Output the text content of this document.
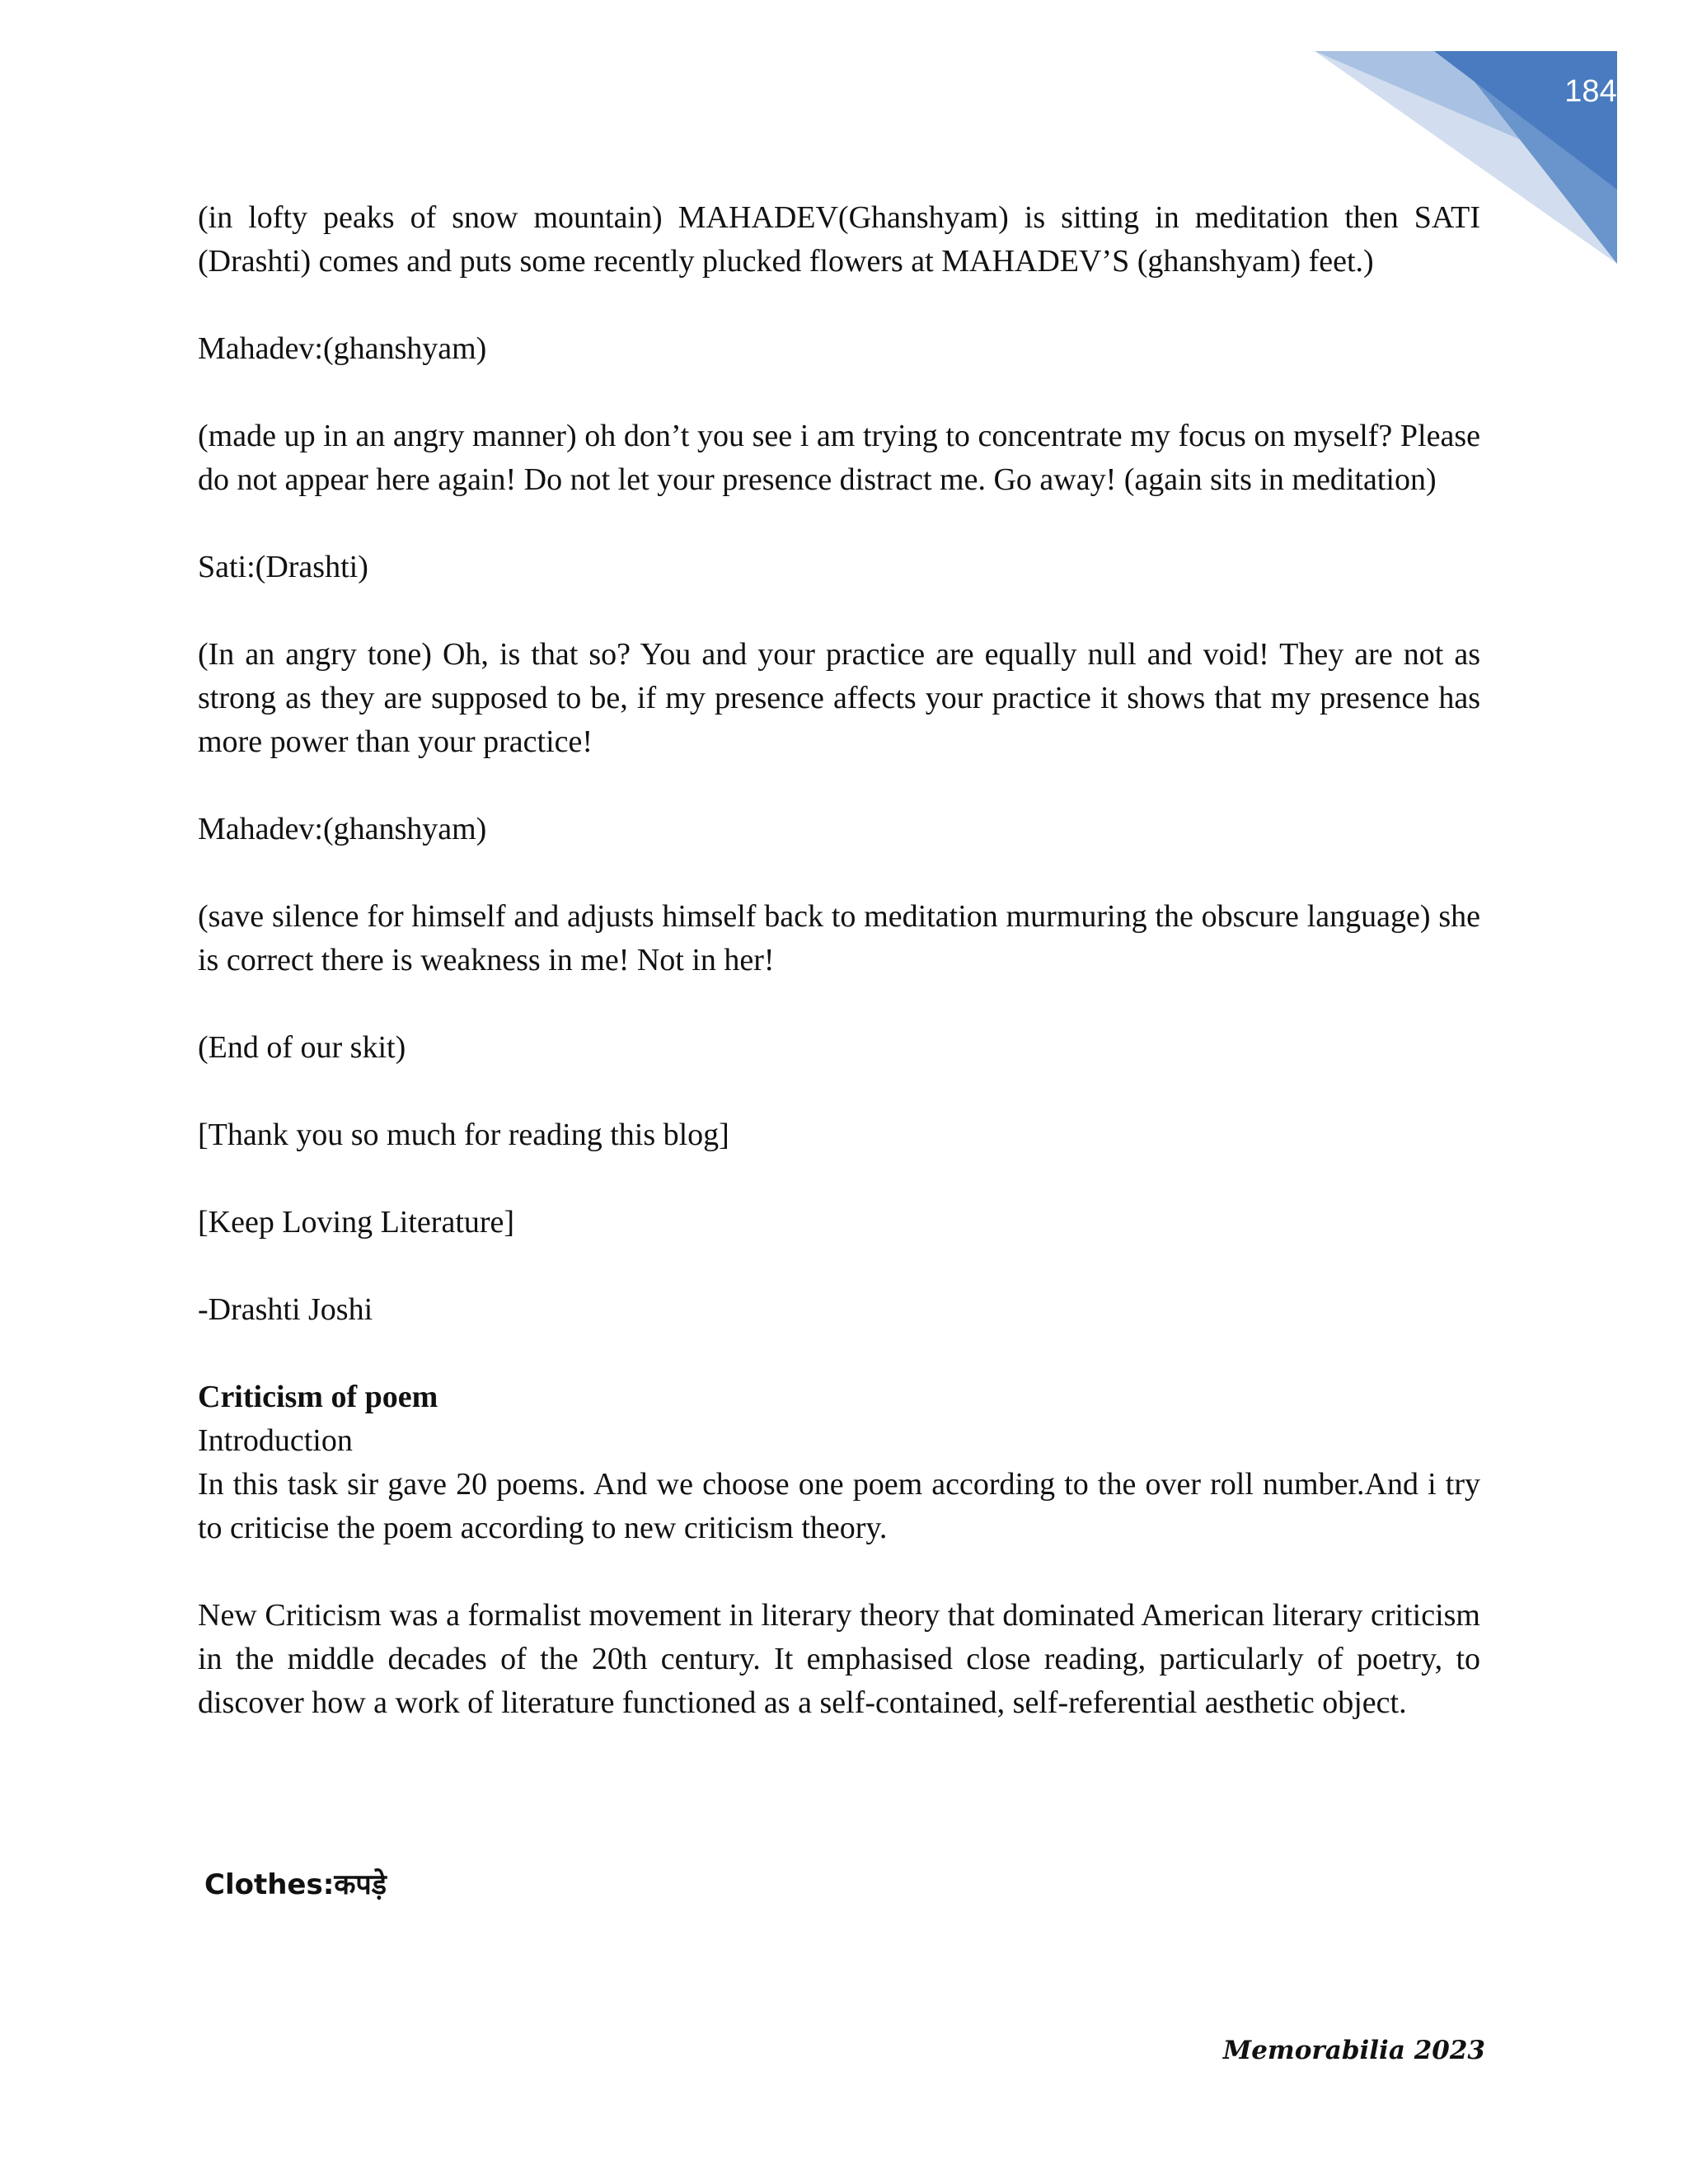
184

(in lofty peaks of snow mountain) MAHADEV(Ghanshyam) is sitting in meditation then SATI (Drashti) comes and puts some recently plucked flowers at MAHADEV’S (ghanshyam) feet.)

Mahadev:(ghanshyam)

(made up in an angry manner) oh don’t you see i am trying to concentrate my focus on myself? Please do not appear here again! Do not let your presence distract me. Go away! (again sits in meditation)

Sati:(Drashti)

(In an angry tone) Oh, is that so? You and your practice are equally null and void! They are not as strong as they are supposed to be, if my presence affects your practice it shows that my presence has more power than your practice!

Mahadev:(ghanshyam)

(save silence for himself and adjusts himself back to meditation murmuring the obscure language) she is correct there is weakness in me! Not in her!

(End of our skit)

[Thank you so much for reading this blog]

[Keep Loving Literature]

-Drashti Joshi

Criticism of poem

Introduction

In this task sir gave 20 poems. And we choose one poem according to the over roll number.And i try to criticise the poem according to new criticism theory.

New Criticism was a formalist movement in literary theory that dominated American literary criticism in the middle decades of the 20th century. It emphasised close reading, particularly of poetry, to discover how a work of literature functioned as a self-contained, self-referential aesthetic object.

Clothes:कपड़े
Memorabilia 2023
